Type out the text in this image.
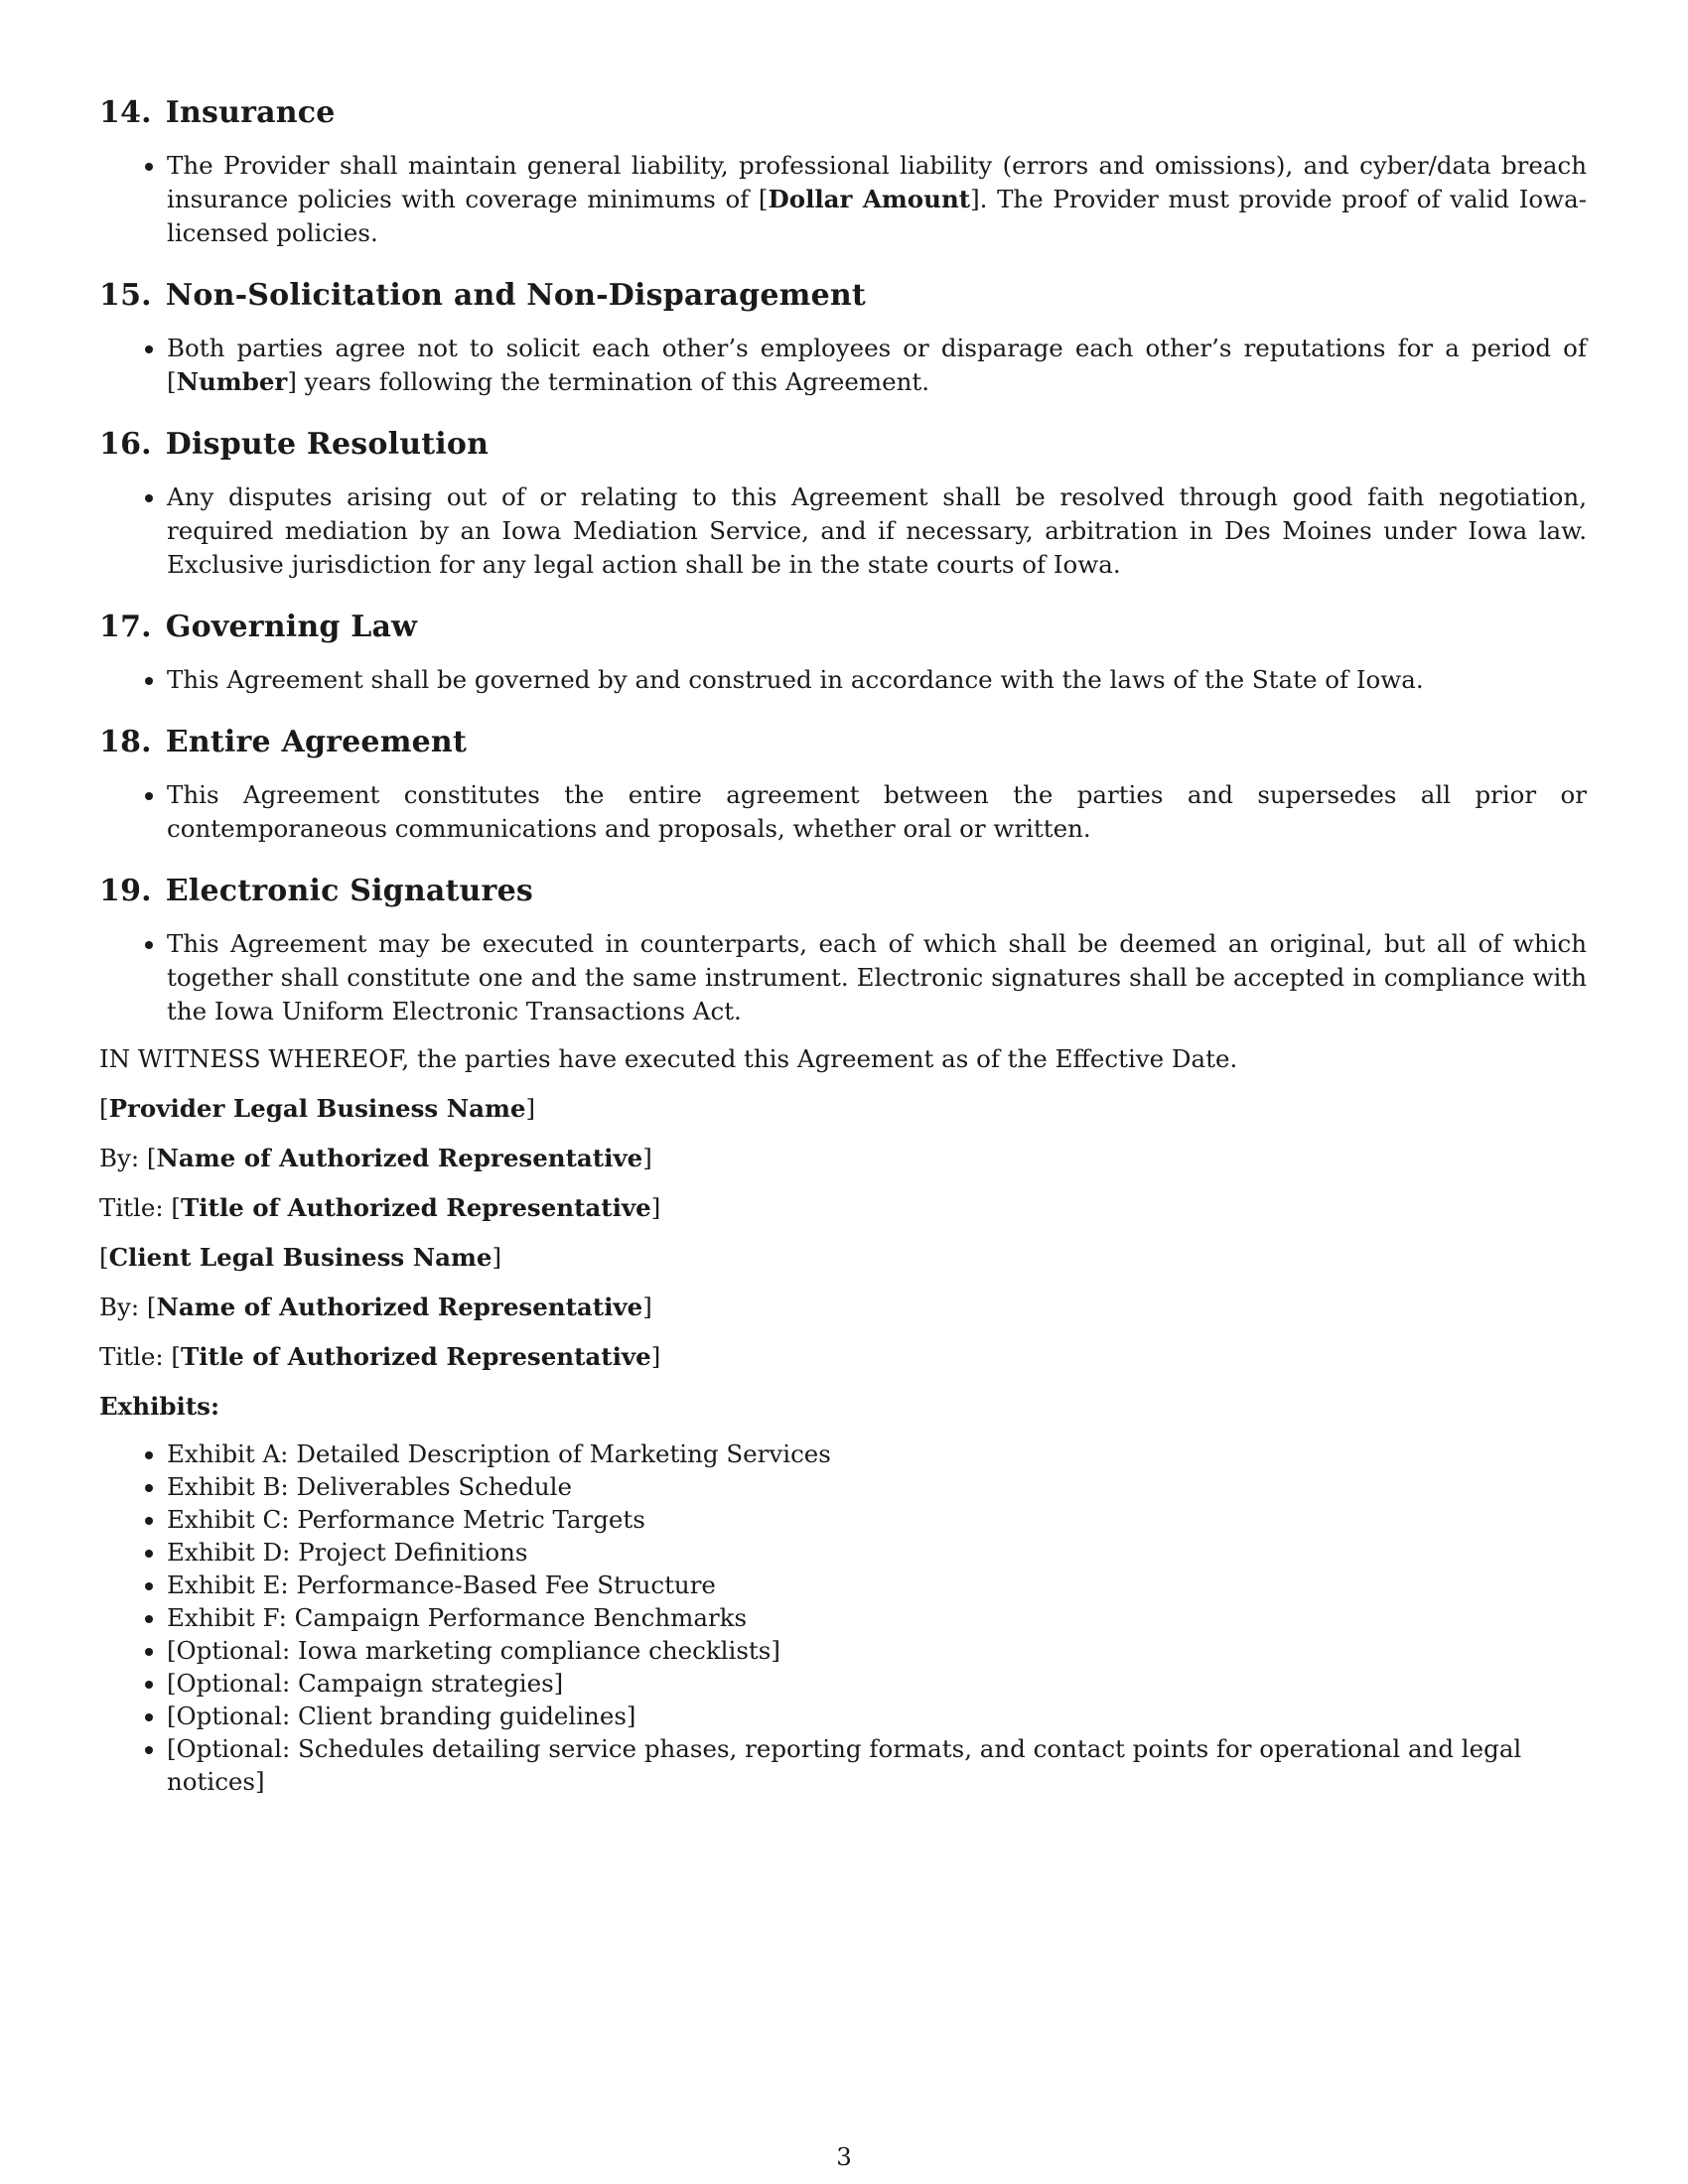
14. Insurance
• The Provider shall maintain general liability, professional liability (errors and omissions), and cyber/data breach insurance policies with coverage minimums of [Dollar Amount]. The Provider must provide proof of valid Iowa-licensed policies.
15. Non-Solicitation and Non-Disparagement
• Both parties agree not to solicit each other’s employees or disparage each other’s reputations for a period of [Number] years following the termination of this Agreement.
16. Dispute Resolution
• Any disputes arising out of or relating to this Agreement shall be resolved through good faith negotiation, required mediation by an Iowa Mediation Service, and if necessary, arbitration in Des Moines under Iowa law. Exclusive jurisdiction for any legal action shall be in the state courts of Iowa.
17. Governing Law
• This Agreement shall be governed by and construed in accordance with the laws of the State of Iowa.
18. Entire Agreement
• This Agreement constitutes the entire agreement between the parties and supersedes all prior or contemporaneous communications and proposals, whether oral or written.
19. Electronic Signatures
• This Agreement may be executed in counterparts, each of which shall be deemed an original, but all of which together shall constitute one and the same instrument. Electronic signatures shall be accepted in compliance with the Iowa Uniform Electronic Transactions Act.

IN WITNESS WHEREOF, the parties have executed this Agreement as of the Effective Date.

[Provider Legal Business Name]

By: [Name of Authorized Representative]

Title: [Title of Authorized Representative]

[Client Legal Business Name]

By: [Name of Authorized Representative]

Title: [Title of Authorized Representative]

Exhibits:

• Exhibit A: Detailed Description of Marketing Services
• Exhibit B: Deliverables Schedule
• Exhibit C: Performance Metric Targets
• Exhibit D: Project Definitions
• Exhibit E: Performance-Based Fee Structure
• Exhibit F: Campaign Performance Benchmarks
• [Optional: Iowa marketing compliance checklists]
• [Optional: Campaign strategies]
• [Optional: Client branding guidelines]
• [Optional: Schedules detailing service phases, reporting formats, and contact points for operational and legal notices]
3
